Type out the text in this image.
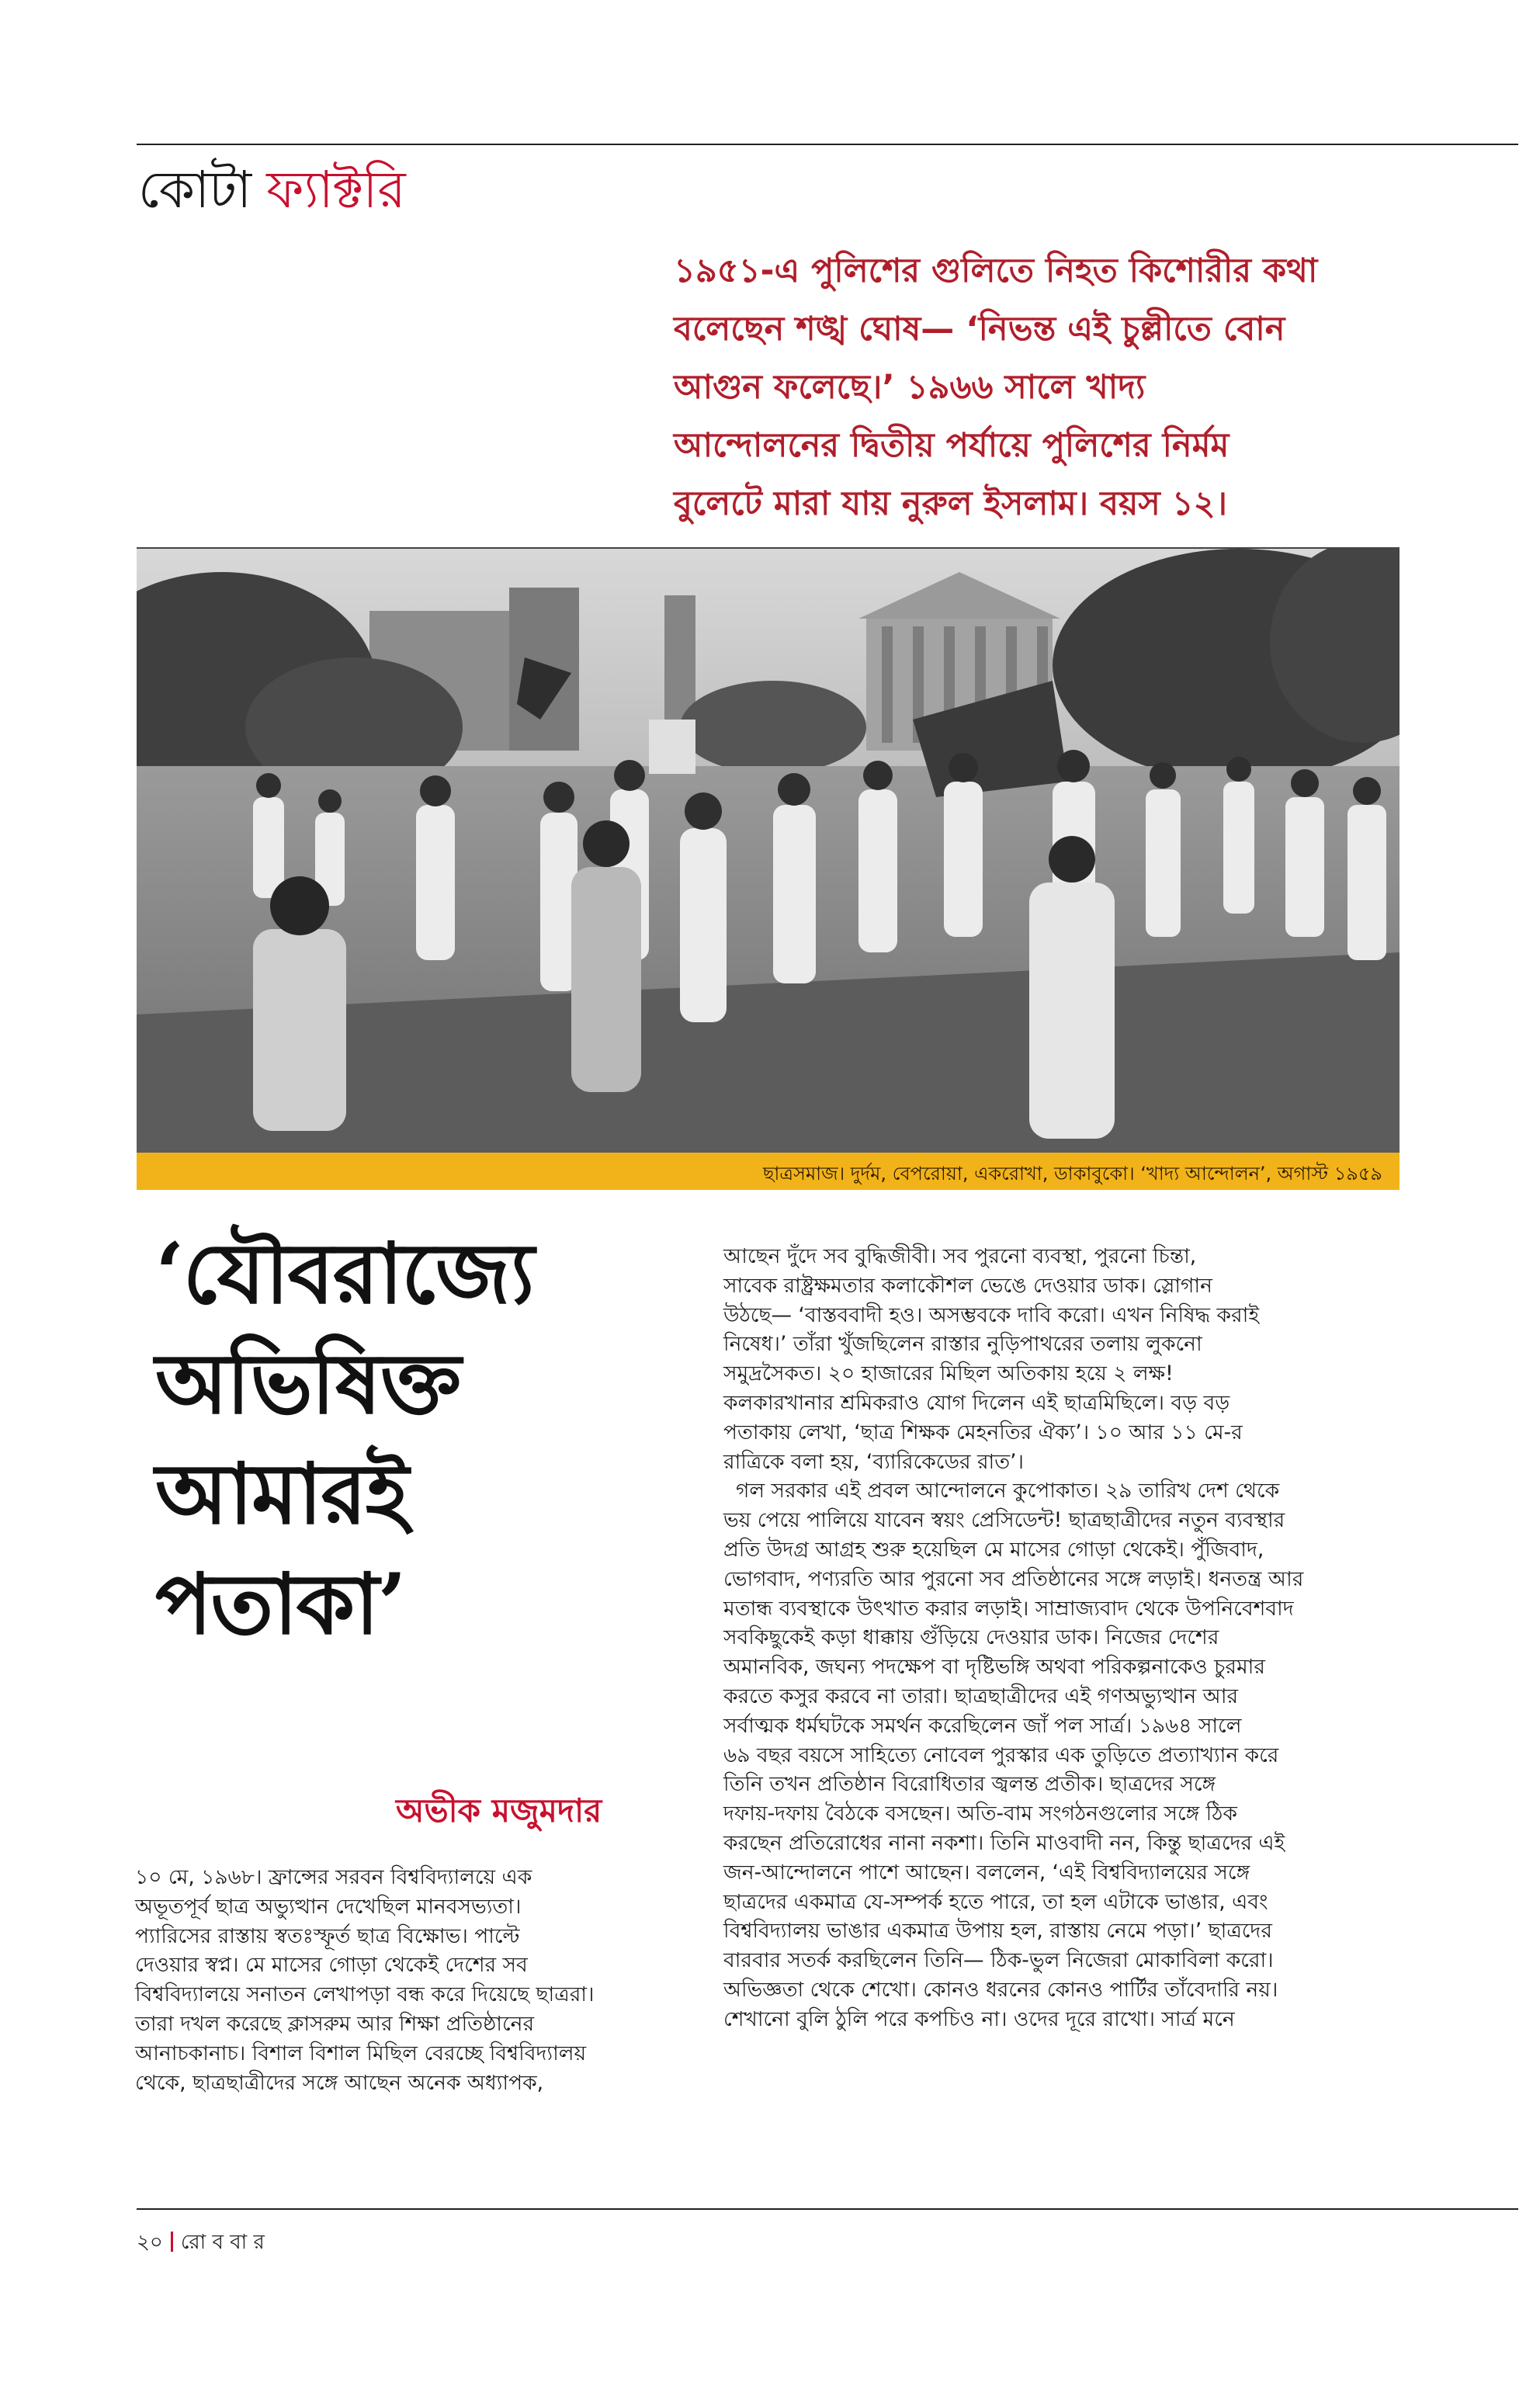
কোটা ফ্যাক্টরি
১৯৫১-এ পুলিশের গুলিতে নিহত কিশোরীর কথা
বলেছেন শঙ্খ ঘোষ— ‘নিভন্ত এই চুল্লীতে বোন
আগুন ফলেছে।’ ১৯৬৬ সালে খাদ্য
আন্দোলনের দ্বিতীয় পর্যায়ে পুলিশের নির্মম
বুলেটে মারা যায় নুরুল ইসলাম। বয়স ১২।
ছাত্রসমাজ। দুর্দম, বেপরোয়া, একরোখা, ডাকাবুকো। ‘খাদ্য আন্দোলন’, অগাস্ট ১৯৫৯
‘যৌবরাজ্যে
অভিষিক্ত
আমারই
পতাকা’
অভীক মজুমদার

১০ মে, ১৯৬৮। ফ্রান্সের সরবন বিশ্ববিদ্যালয়ে এক

অভূতপূর্ব ছাত্র অভ্যুত্থান দেখেছিল মানবসভ্যতা।

প্যারিসের রাস্তায় স্বতঃস্ফূর্ত ছাত্র বিক্ষোভ। পাল্টে

দেওয়ার স্বপ্ন। মে মাসের গোড়া থেকেই দেশের সব

বিশ্ববিদ্যালয়ে সনাতন লেখাপড়া বন্ধ করে দিয়েছে ছাত্ররা।

তারা দখল করেছে ক্লাসরুম আর শিক্ষা প্রতিষ্ঠানের

আনাচকানাচ। বিশাল বিশাল মিছিল বেরচ্ছে বিশ্ববিদ্যালয়

থেকে, ছাত্রছাত্রীদের সঙ্গে আছেন অনেক অধ্যাপক,

আছেন দুঁদে সব বুদ্ধিজীবী। সব পুরনো ব্যবস্থা, পুরনো চিন্তা,

সাবেক রাষ্ট্রক্ষমতার কলাকৌশল ভেঙে দেওয়ার ডাক। স্লোগান

উঠছে— ‘বাস্তববাদী হও। অসম্ভবকে দাবি করো। এখন নিষিদ্ধ করাই

নিষেধ।’ তাঁরা খুঁজছিলেন রাস্তার নুড়িপাথরের তলায় লুকনো

সমুদ্রসৈকত। ২০ হাজারের মিছিল অতিকায় হয়ে ২ লক্ষ!

কলকারখানার শ্রমিকরাও যোগ দিলেন এই ছাত্রমিছিলে। বড় বড়

পতাকায় লেখা, ‘ছাত্র শিক্ষক মেহনতির ঐক্য’। ১০ আর ১১ মে-র

রাত্রিকে বলা হয়, ‘ব্যারিকেডের রাত’।

গল সরকার এই প্রবল আন্দোলনে কুপোকাত। ২৯ তারিখ দেশ থেকে

ভয় পেয়ে পালিয়ে যাবেন স্বয়ং প্রেসিডেন্ট! ছাত্রছাত্রীদের নতুন ব্যবস্থার

প্রতি উদগ্র আগ্রহ শুরু হয়েছিল মে মাসের গোড়া থেকেই। পুঁজিবাদ,

ভোগবাদ, পণ্যরতি আর পুরনো সব প্রতিষ্ঠানের সঙ্গে লড়াই। ধনতন্ত্র আর

মতান্ধ ব্যবস্থাকে উৎখাত করার লড়াই। সাম্রাজ্যবাদ থেকে উপনিবেশবাদ

সবকিছুকেই কড়া ধাক্কায় গুঁড়িয়ে দেওয়ার ডাক। নিজের দেশের

অমানবিক, জঘন্য পদক্ষেপ বা দৃষ্টিভঙ্গি অথবা পরিকল্পনাকেও চুরমার

করতে কসুর করবে না তারা। ছাত্রছাত্রীদের এই গণঅভ্যুত্থান আর

সর্বাত্মক ধর্মঘটকে সমর্থন করেছিলেন জাঁ পল সার্ত্র। ১৯৬৪ সালে

৬৯ বছর বয়সে সাহিত্যে নোবেল পুরস্কার এক তুড়িতে প্রত্যাখ্যান করে

তিনি তখন প্রতিষ্ঠান বিরোধিতার জ্বলন্ত প্রতীক। ছাত্রদের সঙ্গে

দফায়-দফায় বৈঠকে বসছেন। অতি-বাম সংগঠনগুলোর সঙ্গে ঠিক

করছেন প্রতিরোধের নানা নকশা। তিনি মাওবাদী নন, কিন্তু ছাত্রদের এই

জন-আন্দোলনে পাশে আছেন। বললেন, ‘এই বিশ্ববিদ্যালয়ের সঙ্গে

ছাত্রদের একমাত্র যে-সম্পর্ক হতে পারে, তা হল এটাকে ভাঙার, এবং

বিশ্ববিদ্যালয় ভাঙার একমাত্র উপায় হল, রাস্তায় নেমে পড়া।’ ছাত্রদের

বারবার সতর্ক করছিলেন তিনি— ঠিক-ভুল নিজেরা মোকাবিলা করো।

অভিজ্ঞতা থেকে শেখো। কোনও ধরনের কোনও পার্টির তাঁবেদারি নয়।

শেখানো বুলি ঠুলি পরে কপচিও না। ওদের দূরে রাখো। সার্ত্র মনে

২০ রো ব বা র
